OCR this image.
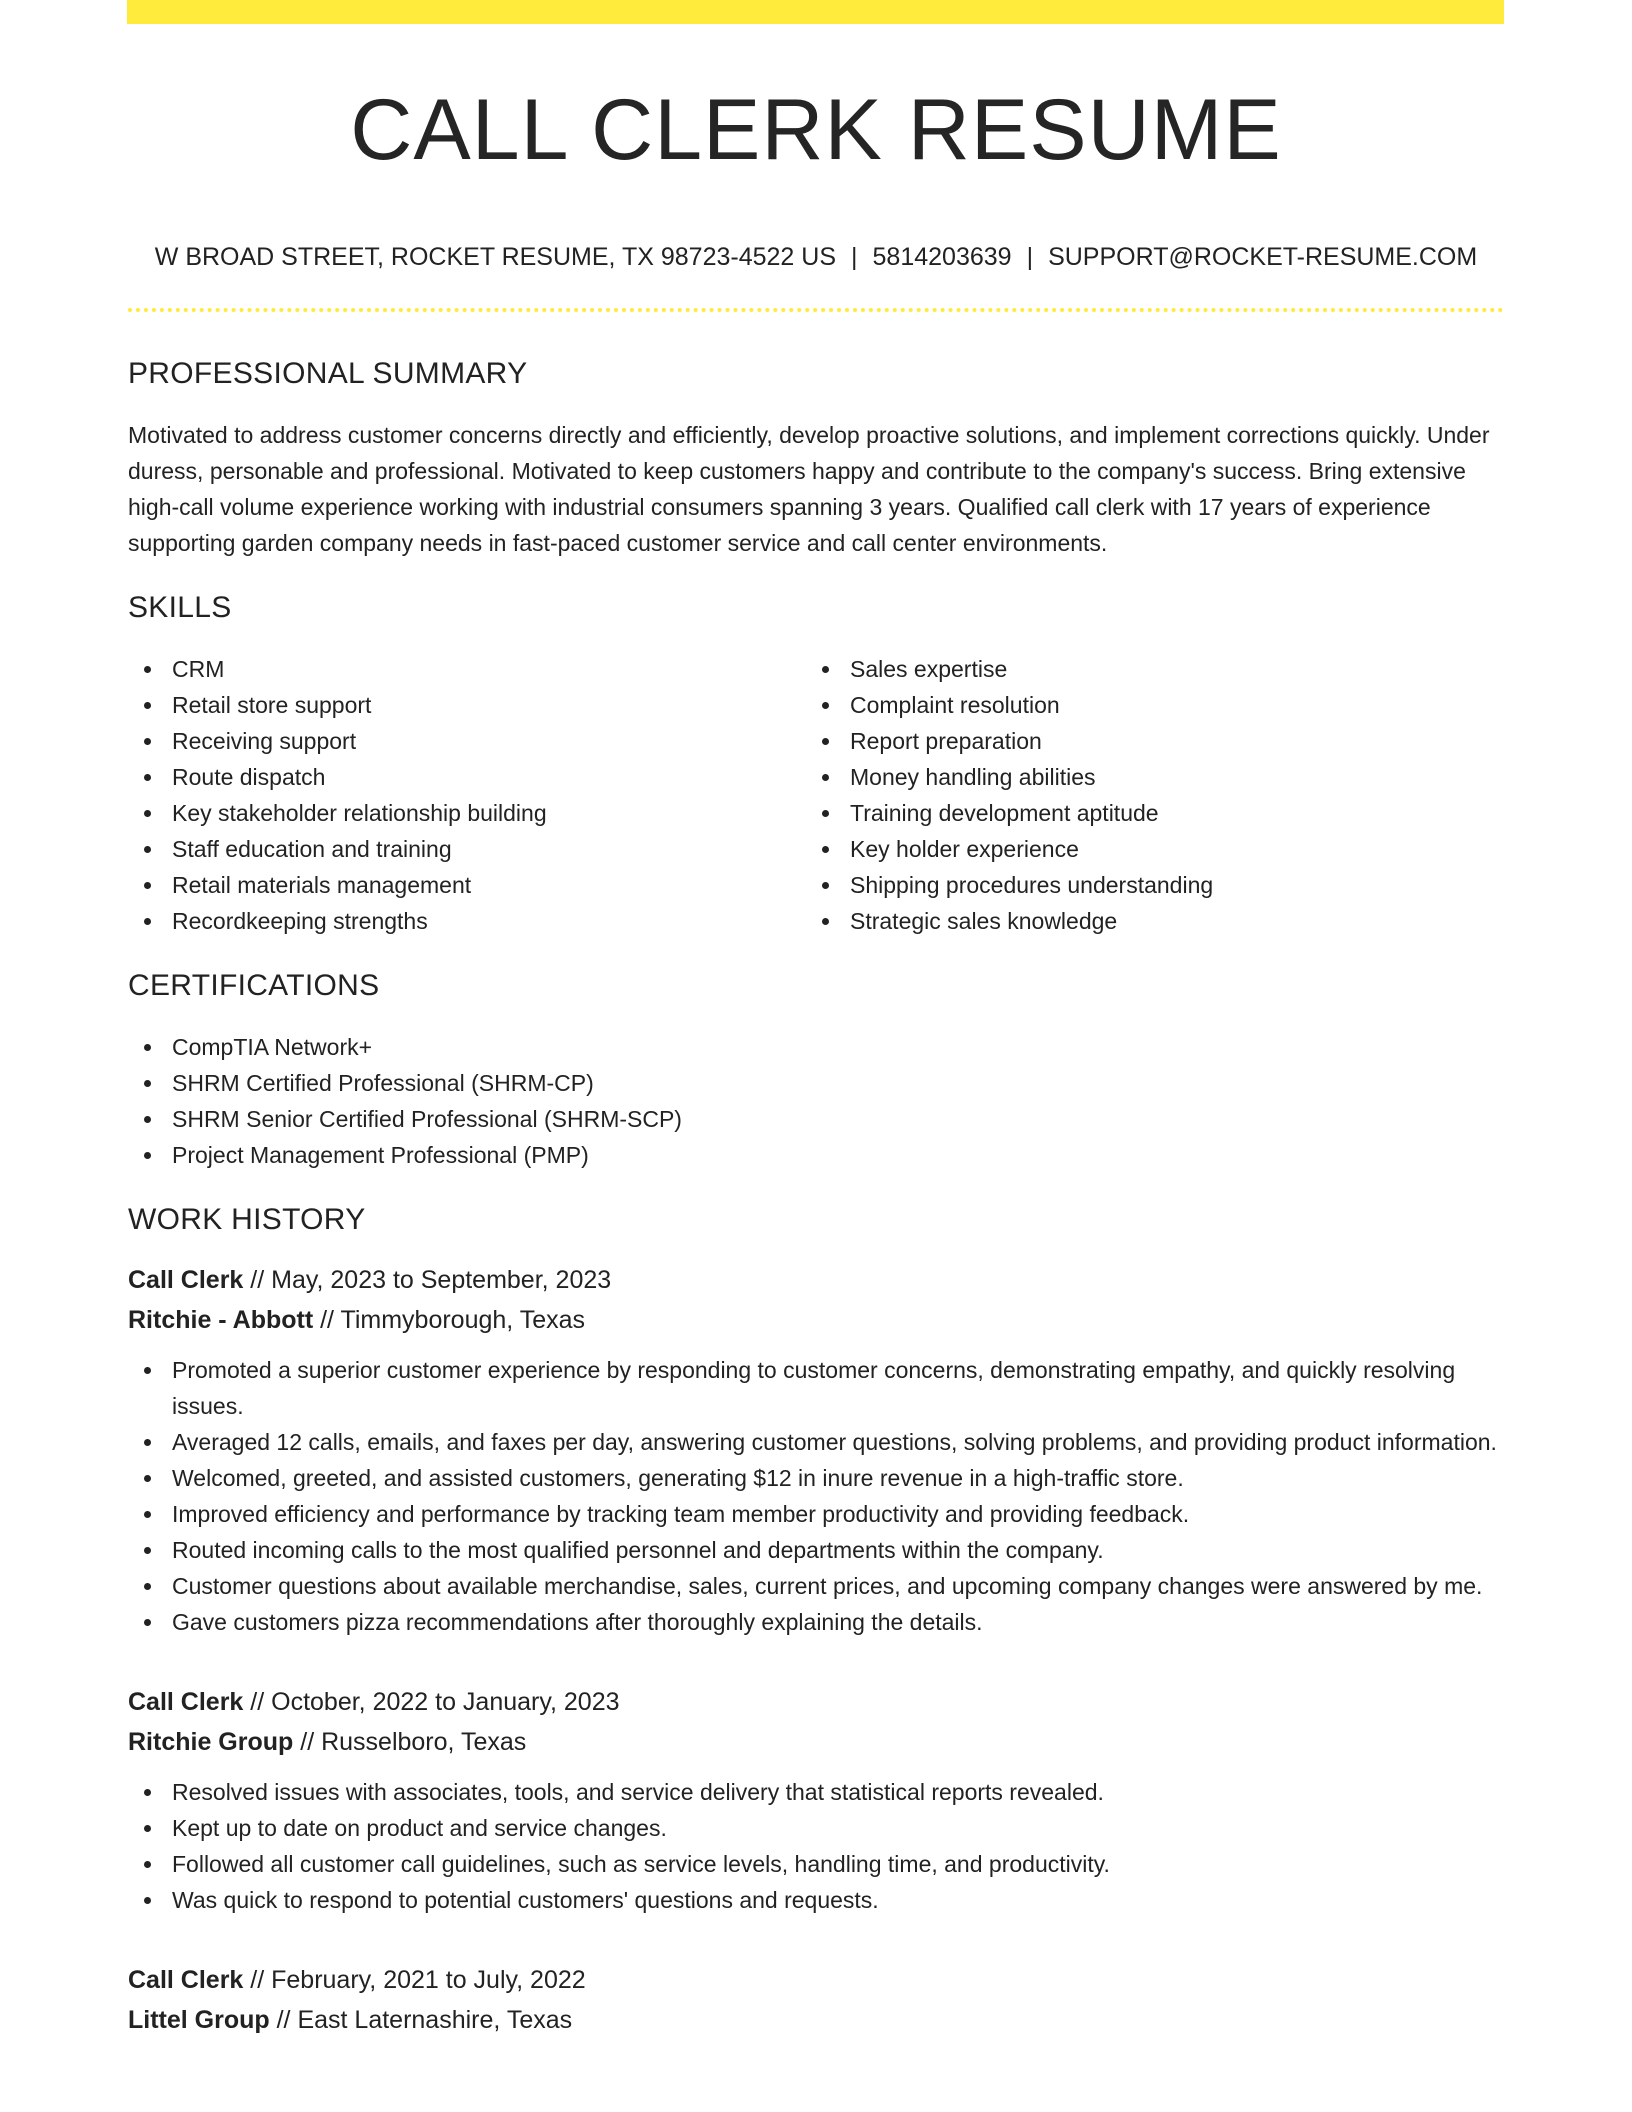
CALL CLERK RESUME
W BROAD STREET, ROCKET RESUME, TX 98723-4522 US | 5814203639 | SUPPORT@ROCKET-RESUME.COM
PROFESSIONAL SUMMARY

Motivated to address customer concerns directly and efficiently, develop proactive solutions, and implement corrections quickly. Under duress, personable and professional. Motivated to keep customers happy and contribute to the company's success. Bring extensive high-call volume experience working with industrial consumers spanning 3 years. Qualified call clerk with 17 years of experience supporting garden company needs in fast-paced customer service and call center environments.

SKILLS
CRM
Retail store support
Receiving support
Route dispatch
Key stakeholder relationship building
Staff education and training
Retail materials management
Recordkeeping strengths
Sales expertise
Complaint resolution
Report preparation
Money handling abilities
Training development aptitude
Key holder experience
Shipping procedures understanding
Strategic sales knowledge
CERTIFICATIONS
CompTIA Network+
SHRM Certified Professional (SHRM-CP)
SHRM Senior Certified Professional (SHRM-SCP)
Project Management Professional (PMP)
WORK HISTORY
Call Clerk // May, 2023 to September, 2023
Ritchie - Abbott // Timmyborough, Texas
Promoted a superior customer experience by responding to customer concerns, demonstrating empathy, and quickly resolving issues.
Averaged 12 calls, emails, and faxes per day, answering customer questions, solving problems, and providing product information.
Welcomed, greeted, and assisted customers, generating $12 in inure revenue in a high-traffic store.
Improved efficiency and performance by tracking team member productivity and providing feedback.
Routed incoming calls to the most qualified personnel and departments within the company.
Customer questions about available merchandise, sales, current prices, and upcoming company changes were answered by me.
Gave customers pizza recommendations after thoroughly explaining the details.
Call Clerk // October, 2022 to January, 2023
Ritchie Group // Russelboro, Texas
Resolved issues with associates, tools, and service delivery that statistical reports revealed.
Kept up to date on product and service changes.
Followed all customer call guidelines, such as service levels, handling time, and productivity.
Was quick to respond to potential customers' questions and requests.
Call Clerk // February, 2021 to July, 2022
Littel Group // East Laternashire, Texas
